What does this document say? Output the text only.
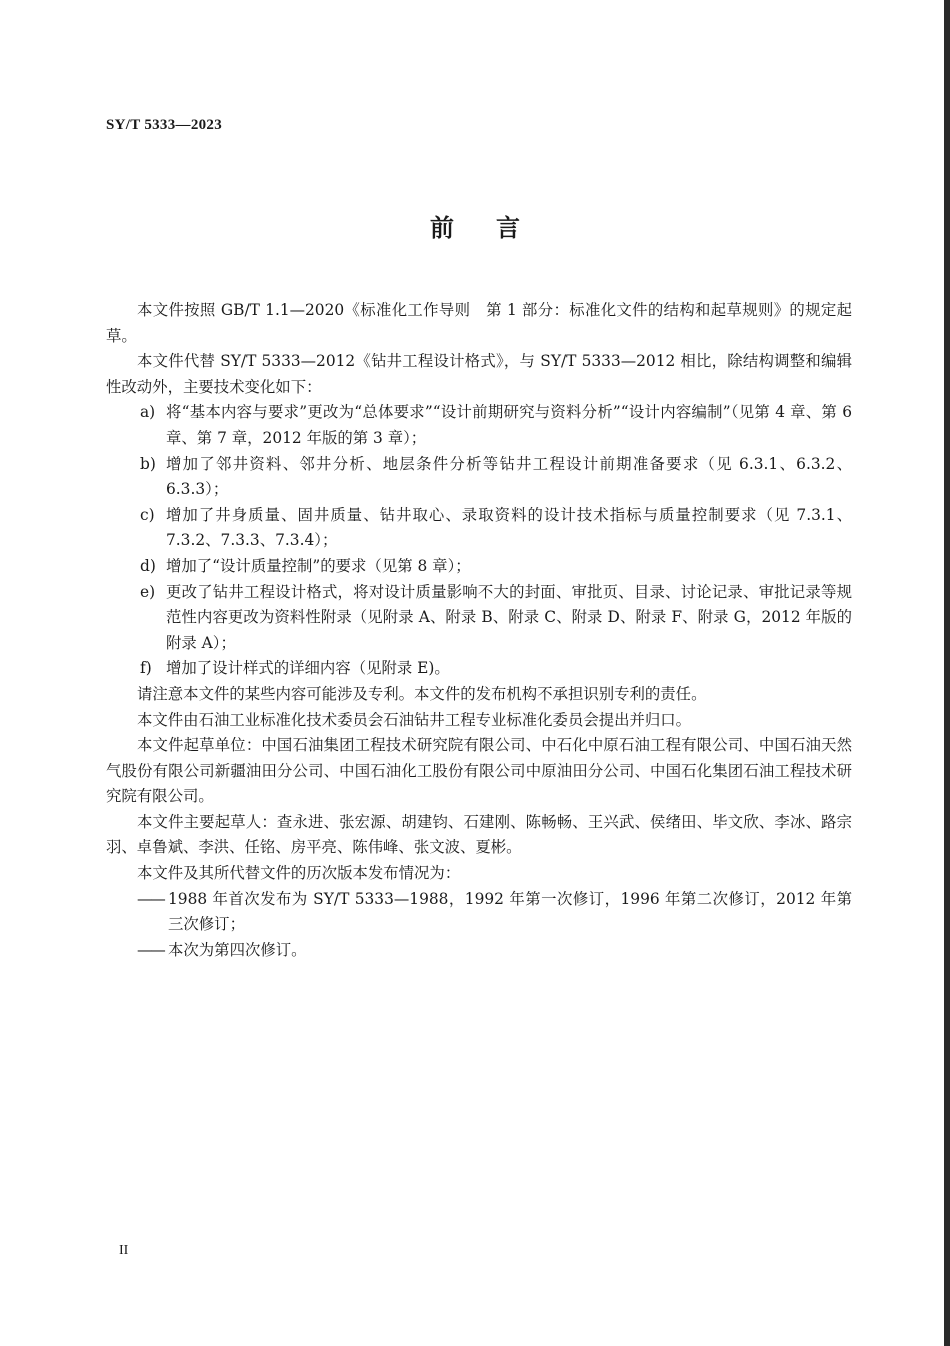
SY/T 5333—2023
前言

本文件按照 GB/T 1.1—2020《标准化工作导则　第 1 部分：标准化文件的结构和起草规则》的规定起草。

本文件代替 SY/T 5333—2012《钻井工程设计格式》，与 SY/T 5333—2012 相比，除结构调整和编辑性改动外，主要技术变化如下：

a) 将“基本内容与要求”更改为“总体要求”“设计前期研究与资料分析”“设计内容编制”（见第 4 章、第 6 章、第 7 章，2012 年版的第 3 章）；

b) 增加了邻井资料、邻井分析、地层条件分析等钻井工程设计前期准备要求（见 6.3.1、6.3.2、6.3.3）；

c) 增加了井身质量、固井质量、钻井取心、录取资料的设计技术指标与质量控制要求（见 7.3.1、7.3.2、7.3.3、7.3.4）；

d) 增加了“设计质量控制”的要求（见第 8 章）；

e) 更改了钻井工程设计格式，将对设计质量影响不大的封面、审批页、目录、讨论记录、审批记录等规范性内容更改为资料性附录（见附录 A、附录 B、附录 C、附录 D、附录 F、附录 G，2012 年版的附录 A）；

f) 增加了设计样式的详细内容（见附录 E)。

请注意本文件的某些内容可能涉及专利。本文件的发布机构不承担识别专利的责任。

本文件由石油工业标准化技术委员会石油钻井工程专业标准化委员会提出并归口。

本文件起草单位：中国石油集团工程技术研究院有限公司、中石化中原石油工程有限公司、中国石油天然气股份有限公司新疆油田分公司、中国石油化工股份有限公司中原油田分公司、中国石化集团石油工程技术研究院有限公司。

本文件主要起草人：查永进、张宏源、胡建钧、石建刚、陈畅畅、王兴武、侯绪田、毕文欣、李冰、路宗羽、卓鲁斌、李洪、任铭、房平亮、陈伟峰、张文波、夏彬。

本文件及其所代替文件的历次版本发布情况为：

—— 1988 年首次发布为 SY/T 5333—1988，1992 年第一次修订，1996 年第二次修订，2012 年第三次修订；

—— 本次为第四次修订。

II
